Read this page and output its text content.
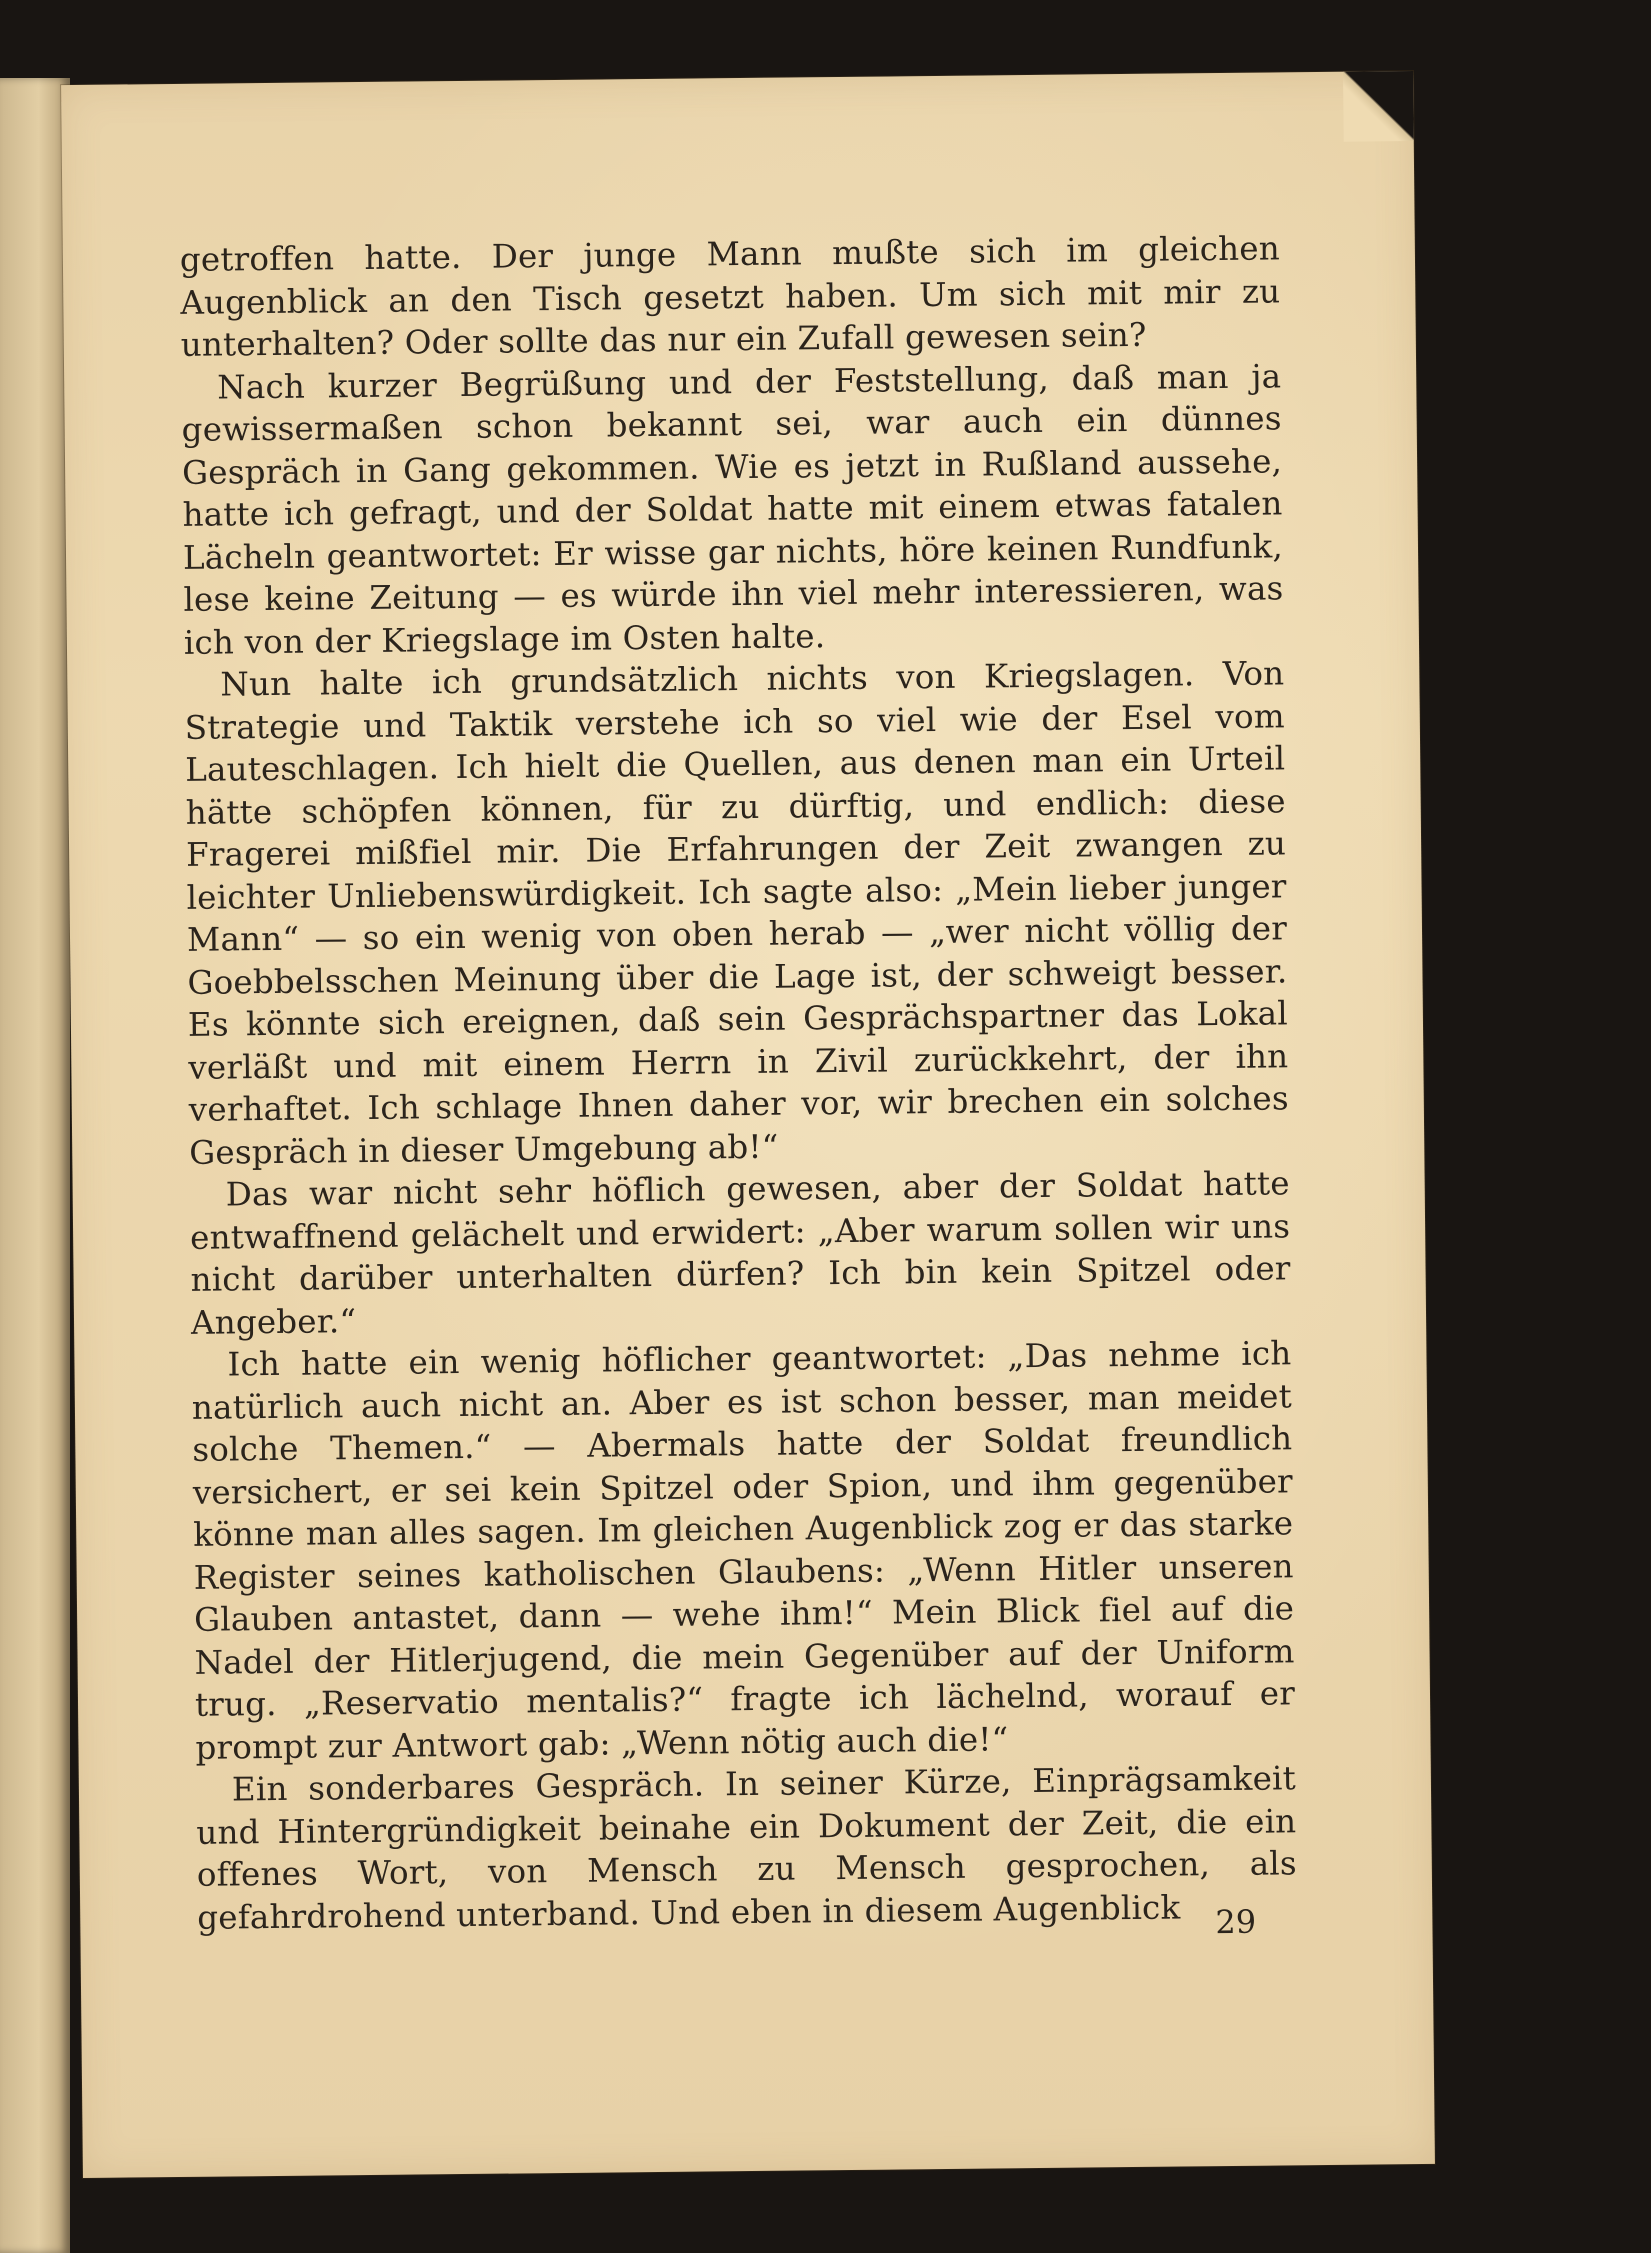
getroffen hatte. Der junge Mann mußte sich im gleichen Augenblick an den Tisch gesetzt haben. Um sich mit mir zu unterhalten? Oder sollte das nur ein Zufall gewesen sein?

Nach kurzer Begrüßung und der Feststellung, daß man ja gewissermaßen schon bekannt sei, war auch ein dünnes Gespräch in Gang gekommen. Wie es jetzt in Rußland aussehe, hatte ich gefragt, und der Soldat hatte mit einem etwas fatalen Lächeln geantwortet: Er wisse gar nichts, höre keinen Rundfunk, lese keine Zeitung — es würde ihn viel mehr interessieren, was ich von der Kriegslage im Osten halte.

Nun halte ich grundsätzlich nichts von Kriegslagen. Von Strategie und Taktik verstehe ich so viel wie der Esel vom Lauteschlagen. Ich hielt die Quellen, aus denen man ein Urteil hätte schöpfen können, für zu dürftig, und endlich: diese Fragerei mißfiel mir. Die Erfahrungen der Zeit zwangen zu leichter Unliebenswürdigkeit. Ich sagte also: „Mein lieber junger Mann“ — so ein wenig von oben herab — „wer nicht völlig der Goebbelsschen Meinung über die Lage ist, der schweigt besser. Es könnte sich ereignen, daß sein Gesprächspartner das Lokal verläßt und mit einem Herrn in Zivil zurückkehrt, der ihn verhaftet. Ich schlage Ihnen daher vor, wir brechen ein solches Gespräch in dieser Umgebung ab!“

Das war nicht sehr höflich gewesen, aber der Soldat hatte entwaffnend gelächelt und erwidert: „Aber warum sollen wir uns nicht darüber unterhalten dürfen? Ich bin kein Spitzel oder Angeber.“

Ich hatte ein wenig höflicher geantwortet: „Das nehme ich natürlich auch nicht an. Aber es ist schon besser, man meidet solche Themen.“ — Abermals hatte der Soldat freundlich versichert, er sei kein Spitzel oder Spion, und ihm gegenüber könne man alles sagen. Im gleichen Augenblick zog er das starke Register seines katholischen Glaubens: „Wenn Hitler unseren Glauben antastet, dann — wehe ihm!“ Mein Blick fiel auf die Nadel der Hitlerjugend, die mein Gegenüber auf der Uniform trug. „Reservatio mentalis?“ fragte ich lächelnd, worauf er prompt zur Antwort gab: „Wenn nötig auch die!“

Ein sonderbares Gespräch. In seiner Kürze, Einprägsamkeit und Hintergründigkeit beinahe ein Dokument der Zeit, die ein offenes Wort, von Mensch zu Mensch gesprochen, als gefahrdrohend unterband. Und eben in diesem Augenblick	29
